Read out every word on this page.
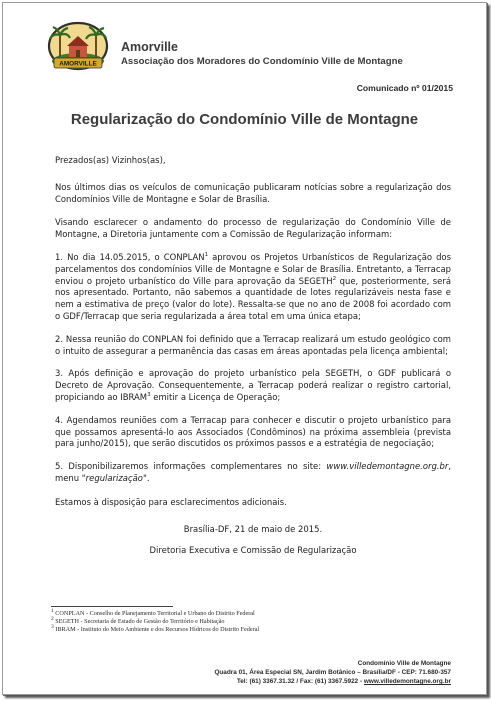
AMORVILLE
Amorville
Associação dos Moradores do Condomínio Ville de Montagne
Comunicado nº 01/2015
Regularização do Condomínio Ville de Montagne

Prezados(as) Vizinhos(as),

Nos últimos dias os veículos de comunicação publicaram notícias sobre a regularização dos Condomínios Ville de Montagne e Solar de Brasília.

Visando esclarecer o andamento do processo de regularização do Condomínio Ville de Montagne, a Diretoria juntamente com a Comissão de Regularização informam:

1. No dia 14.05.2015, o CONPLAN$^1$ aprovou os Projetos Urbanísticos de Regularização dos parcelamentos dos condomínios Ville de Montagne e Solar de Brasília. Entretanto, a Terracap enviou o projeto urbanístico do Ville para aprovação da SEGETH$^2$ que, posteriormente, será nos apresentado. Portanto, não sabemos a quantidade de lotes regularizáveis nesta fase e nem a estimativa de preço (valor do lote). Ressalta-se que no ano de 2008 foi acordado com o GDF/Terracap que seria regularizada a área total em uma única etapa;

2. Nessa reunião do CONPLAN foi definido que a Terracap realizará um estudo geológico com o intuito de assegurar a permanência das casas em áreas apontadas pela licença ambiental;

3. Após definição e aprovação do projeto urbanístico pela SEGETH, o GDF publicará o Decreto de Aprovação. Consequentemente, a Terracap poderá realizar o registro cartorial, propiciando ao IBRAM$^3$ emitir a Licença de Operação;

4. Agendamos reuniões com a Terracap para conhecer e discutir o projeto urbanístico para que possamos apresentá-lo aos Associados (Condôminos) na próxima assembleia (prevista para junho/2015), que serão discutidos os próximos passos e a estratégia de negociação;

5. Disponibilizaremos informações complementares no site: www.villedemontagne.org.br, menu "regularização".

Estamos à disposição para esclarecimentos adicionais.

Brasília-DF, 21 de maio de 2015.

Diretoria Executiva e Comissão de Regularização

$^1$ CONPLAN - Conselho de Planejamento Territorial e Urbano do Distrito Federal
$^2$ SEGETH - Secretaria de Estado de Gestão do Território e Habitação
$^3$ IBRAM - Instituto do Meio Ambiente e dos Recursos Hídricos do Distrito Federal
Condomínio Ville de Montagne
Quadra 01, Área Especial SN, Jardim Botânico – Brasília/DF - CEP: 71.680-357
Tel: (61) 3367.31.32 / Fax: (61) 3367.5922 - www.villedemontagne.org.br
